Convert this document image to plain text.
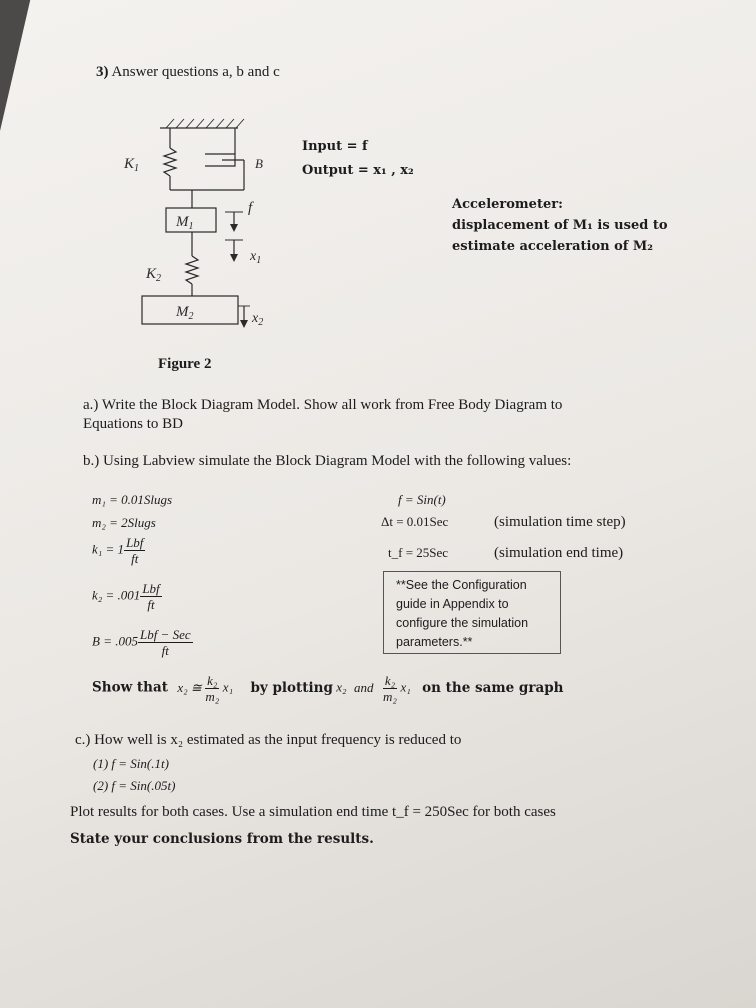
3) Answer questions a, b and c
$K_1$	B
$M_1$
f
$x_1$
$K_2$
$M_2$	$x_2$
Input = f
Output = x₁ , x₂
Accelerometer:
displacement of M₁ is used to
estimate acceleration of M₂
Figure 2
a.) Write the Block Diagram Model. Show all work from Free Body Diagram to
Equations to BD
b.) Using Labview simulate the Block Diagram Model with the following values:
m₁ = 0.01Slugs
m₂ = 2Slugs
$k_1 = 1 \frac{\text{Lbf}}{ft}$
$k_2 = .001 \frac{\text{Lbf}}{ft}$
$B = .005 \frac{\text{Lbf − Sec}}{ft}$
f = Sin(t)
Δt = 0.01Sec	(simulation time step)
t_f = 25Sec	(simulation end time)
**See the Configuration
guide in Appendix to
configure the simulation
parameters.**
Show that x₂ ≅ $\frac{\text{k₂}}{\text{m₂}} x_1$ by plotting x₂ and $\frac{\text{k₂}}{\text{m₂}} x_1$ on the same graph
c.) How well is x₂ estimated as the input frequency is reduced to
(1) f = Sin(.1t)
(2) f = Sin(.05t)
Plot results for both cases. Use a simulation end time t_f = 250Sec for both cases
State your conclusions from the results.
